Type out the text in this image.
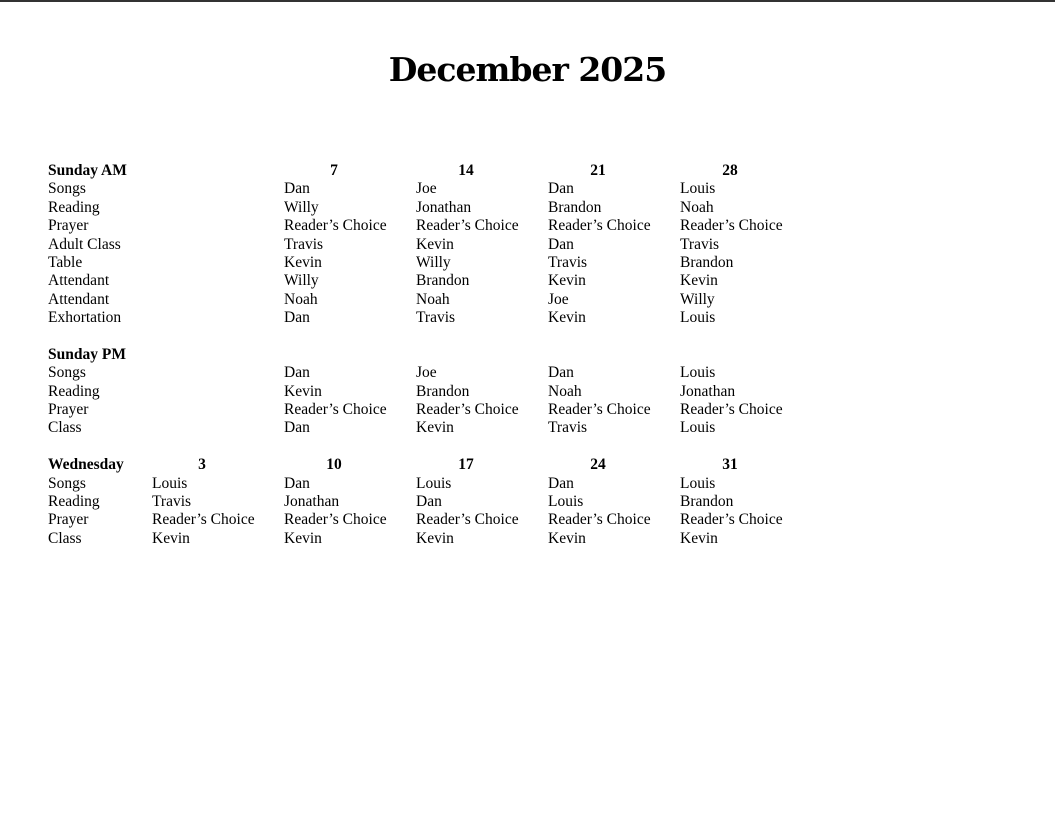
December 2025
Sunday AM	7	14	21	28
Songs	Dan	Joe	Dan	Louis
Reading	Willy	Jonathan	Brandon	Noah
Prayer	Reader’s Choice	Reader’s Choice	Reader’s Choice	Reader’s Choice
Adult Class	Travis	Kevin	Dan	Travis
Table	Kevin	Willy	Travis	Brandon
Attendant	Willy	Brandon	Kevin	Kevin
Attendant	Noah	Noah	Joe	Willy
Exhortation	Dan	Travis	Kevin	Louis
Sunday PM
Songs	Dan	Joe	Dan	Louis
Reading	Kevin	Brandon	Noah	Jonathan
Prayer	Reader’s Choice	Reader’s Choice	Reader’s Choice	Reader’s Choice
Class	Dan	Kevin	Travis	Louis
Wednesday	3	10	17	24	31
Songs	Louis	Dan	Louis	Dan	Louis
Reading	Travis	Jonathan	Dan	Louis	Brandon
Prayer	Reader’s Choice	Reader’s Choice	Reader’s Choice	Reader’s Choice	Reader’s Choice
Class	Kevin	Kevin	Kevin	Kevin	Kevin
